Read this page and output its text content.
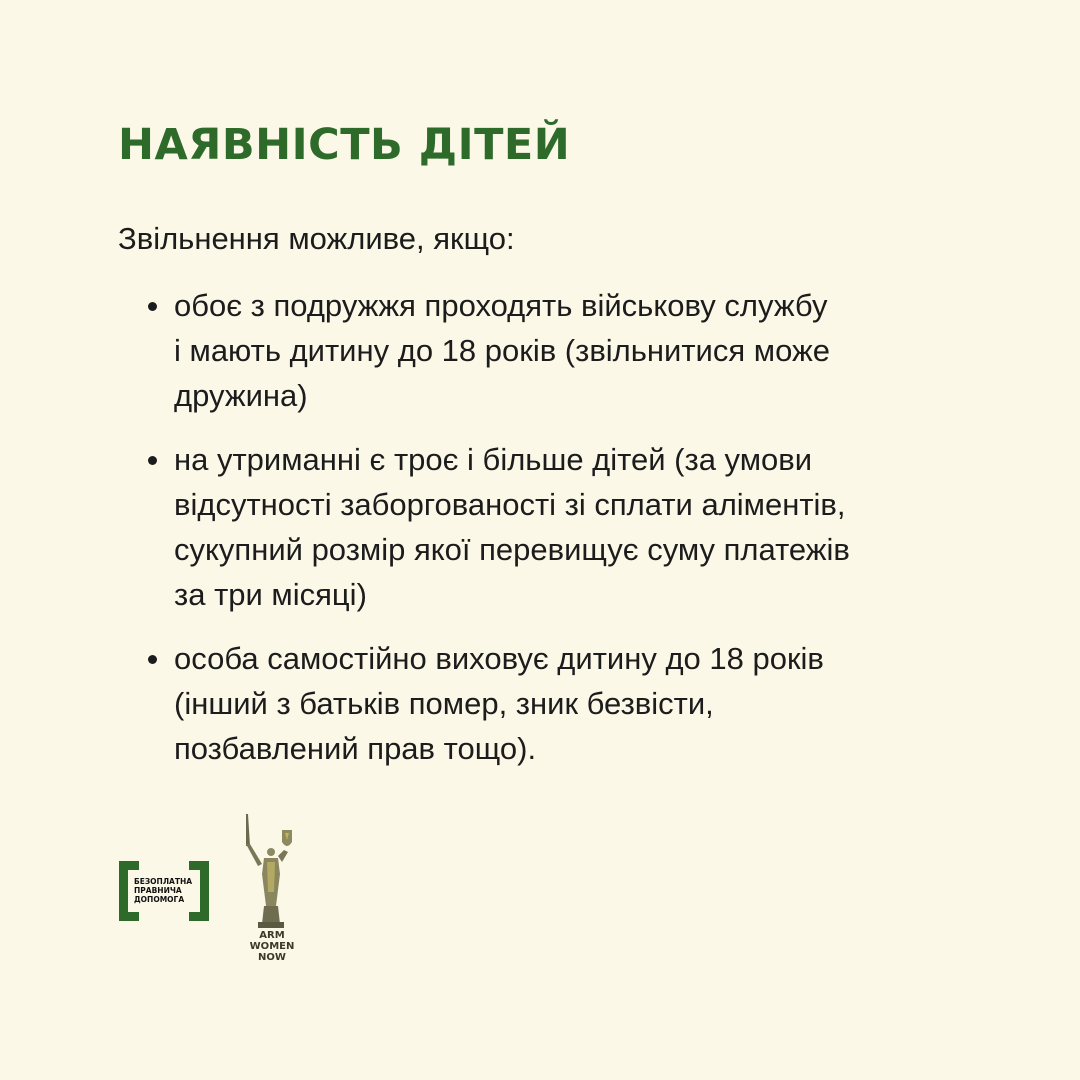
НАЯВНІСТЬ ДІТЕЙ

Звільнення можливе, якщо:

обоє з подружжя проходять військову службу
і мають дитину до 18 років (звільнитися може
дружина)
на утриманні є троє і більше дітей (за умови
відсутності заборгованості зі сплати аліментів,
сукупний розмір якої перевищує суму платежів
за три місяці)
особа самостійно виховує дитину до 18 років
(інший з батьків помер, зник безвісти,
позбавлений прав тощо).
БЕЗОПЛАТНА
ПРАВНИЧА
ДОПОМОГА
ARM
WOMEN
NOW
